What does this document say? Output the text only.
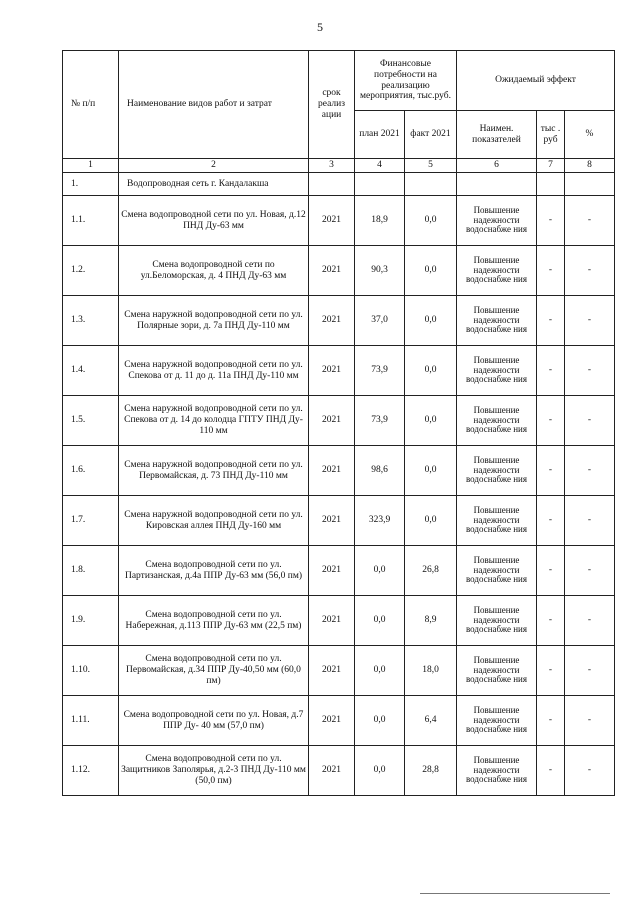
5
№ п/п	Наименование видов работ и затрат	срок реализ ации	Финансовые потребности на реализацию мероприятия, тыс.руб.		Ожидаемый эффект		
			план 2021	факт 2021	Наимен. показателей	тыс . руб	%
1	2	3	4	5	6	7	8
1.	Водопроводная сеть г. Кандалакша						
1.1.	Смена водопроводной сети по ул. Новая, д.12 ПНД Ду-63 мм	2021	18,9	0,0	Повышение надежности водоснабже ния	-	-
1.2.	Смена водопроводной сети по ул.Беломорская, д. 4 ПНД Ду-63 мм	2021	90,3	0,0	Повышение надежности водоснабже ния	-	-
1.3.	Смена наружной водопроводной сети по ул. Полярные зори, д. 7а ПНД Ду-110 мм	2021	37,0	0,0	Повышение надежности водоснабже ния	-	-
1.4.	Смена наружной водопроводной сети по ул. Спекова от д. 11 до д. 11а ПНД Ду-110 мм	2021	73,9	0,0	Повышение надежности водоснабже ния	-	-
1.5.	Смена наружной водопроводной сети по ул. Спекова от д. 14 до колодца ГПТУ ПНД Ду- 110 мм	2021	73,9	0,0	Повышение надежности водоснабже ния	-	-
1.6.	Смена наружной водопроводной сети по ул. Первомайская, д. 73 ПНД Ду-110 мм	2021	98,6	0,0	Повышение надежности водоснабже ния	-	-
1.7.	Смена наружной водопроводной сети по ул. Кировская аллея ПНД Ду-160 мм	2021	323,9	0,0	Повышение надежности водоснабже ния	-	-
1.8.	Смена водопроводной сети по ул. Партизанская, д.4а ППР Ду-63 мм (56,0 пм)	2021	0,0	26,8	Повышение надежности водоснабже ния	-	-
1.9.	Смена водопроводной сети по ул. Набережная, д.113 ППР Ду-63 мм (22,5 пм)	2021	0,0	8,9	Повышение надежности водоснабже ния	-	-
1.10.	Смена водопроводной сети по ул. Первомайская, д.34 ППР Ду-40,50 мм (60,0 пм)	2021	0,0	18,0	Повышение надежности водоснабже ния	-	-
1.11.	Смена водопроводной сети по ул. Новая, д.7 ППР Ду- 40 мм (57,0 пм)	2021	0,0	6,4	Повышение надежности водоснабже ния	-	-
1.12.	Смена водопроводной сети по ул. Защитников Заполярья, д.2-3 ПНД Ду-110 мм (50,0 пм)	2021	0,0	28,8	Повышение надежности водоснабже ния	-	-
